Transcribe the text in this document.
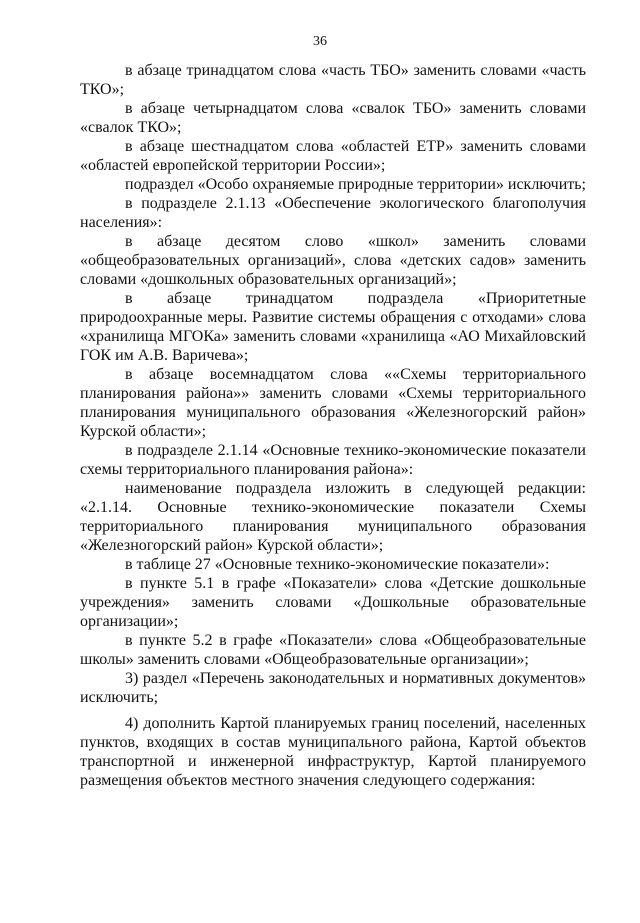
36

в абзаце тринадцатом слова «часть ТБО» заменить словами «часть ТКО»;

в абзаце четырнадцатом слова «свалок ТБО» заменить словами «свалок ТКО»;

в абзаце шестнадцатом слова «областей ЕТР» заменить словами «областей европейской территории России»;

подраздел «Особо охраняемые природные территории» исключить;

в подразделе 2.1.13 «Обеспечение экологического благополучия населения»:

в абзаце десятом слово «школ» заменить словами «общеобразовательных организаций», слова «детских садов» заменить словами «дошкольных образовательных организаций»;

в абзаце тринадцатом подраздела «Приоритетные природоохранные меры. Развитие системы обращения с отходами» слова «хранилища МГОКа» заменить словами «хранилища «АО Михайловский ГОК им А.В. Варичева»;

в абзаце восемнадцатом слова ««Схемы территориального планирования района»» заменить словами «Схемы территориального планирования муниципального образования «Железногорский район» Курской области»;

в подразделе 2.1.14 «Основные технико-экономические показатели схемы территориального планирования района»:

наименование подраздела изложить в следующей редакции: «2.1.14. Основные технико-экономические показатели Схемы территориального планирования муниципального образования «Железногорский район» Курской области»;

в таблице 27 «Основные технико-экономические показатели»:

в пункте 5.1 в графе «Показатели» слова «Детские дошкольные учреждения» заменить словами «Дошкольные образовательные организации»;

в пункте 5.2 в графе «Показатели» слова «Общеобразовательные школы» заменить словами «Общеобразовательные организации»;

3) раздел «Перечень законодательных и нормативных документов» исключить;

4) дополнить Картой планируемых границ поселений, населенных пунктов, входящих в состав муниципального района, Картой объектов транспортной и инженерной инфраструктур, Картой планируемого размещения объектов местного значения следующего содержания:
